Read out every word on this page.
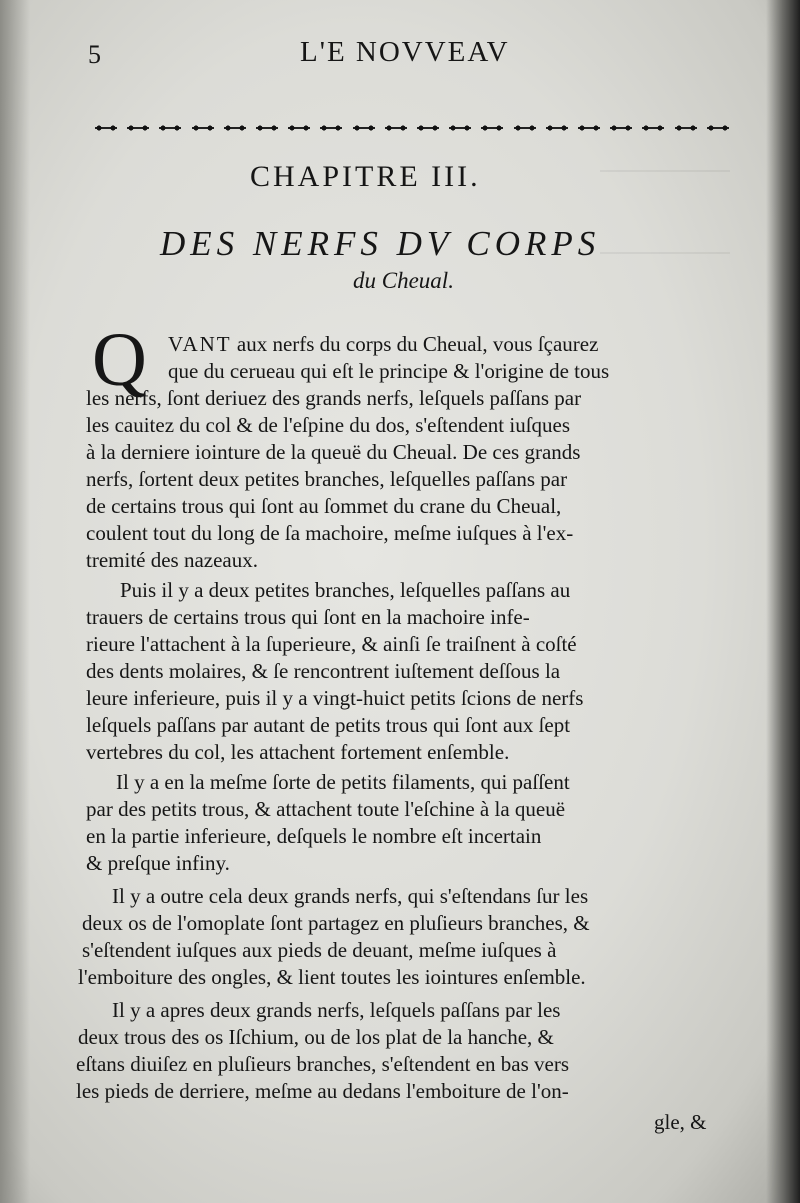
5	L'E NOVVEAV
CHAPITRE III.
DES NERFS DV CORPS
du Cheual.
Q VANT aux nerfs du corps du Cheual, vous ſçaurez
que du cerueau qui eſt le principe & l'origine de tous
les nerfs, ſont deriuez des grands nerfs, leſquels paſſans par
les cauitez du col & de l'eſpine du dos, s'eſtendent iuſques
à la derniere iointure de la queuë du Cheual. De ces grands
nerfs, ſortent deux petites branches, leſquelles paſſans par
de certains trous qui ſont au ſommet du crane du Cheual,
coulent tout du long de ſa machoire, meſme iuſques à l'ex-
tremité des nazeaux.
Puis il y a deux petites branches, leſquelles paſſans au
trauers de certains trous qui ſont en la machoire infe-
rieure l'attachent à la ſuperieure, & ainſi ſe traiſnent à coſté
des dents molaires, & ſe rencontrent iuſtement deſſous la
leure inferieure, puis il y a vingt-huict petits ſcions de nerfs
leſquels paſſans par autant de petits trous qui ſont aux ſept
vertebres du col, les attachent fortement enſemble.
Il y a en la meſme ſorte de petits filaments, qui paſſent
par des petits trous, & attachent toute l'eſchine à la queuë
en la partie inferieure, deſquels le nombre eſt incertain
& preſque infiny.
Il y a outre cela deux grands nerfs, qui s'eſtendans ſur les
deux os de l'omoplate ſont partagez en pluſieurs branches, &
s'eſtendent iuſques aux pieds de deuant, meſme iuſques à
l'emboiture des ongles, & lient toutes les iointures enſemble.
Il y a apres deux grands nerfs, leſquels paſſans par les
deux trous des os Iſchium, ou de los plat de la hanche, &
eſtans diuiſez en pluſieurs branches, s'eſtendent en bas vers
les pieds de derriere, meſme au dedans l'emboiture de l'on-
gle, &
